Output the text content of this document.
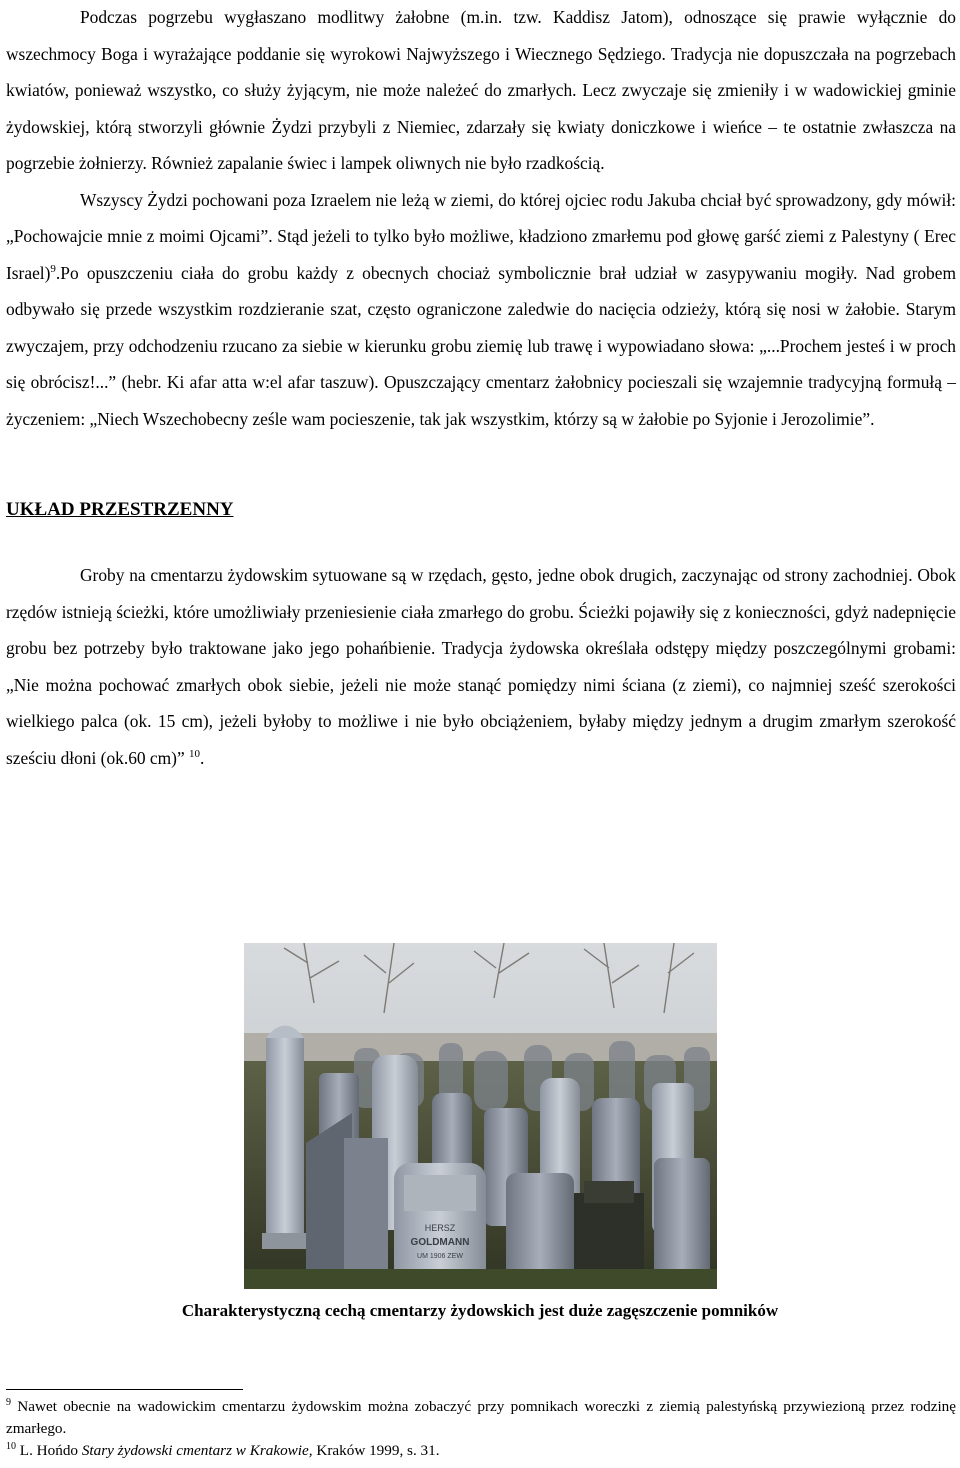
Podczas pogrzebu wygłaszano modlitwy żałobne (m.in. tzw. Kaddisz Jatom), odnoszące się prawie wyłącznie do wszechmocy Boga i wyrażające poddanie się wyrokowi Najwyższego i Wiecznego Sędziego. Tradycja nie dopuszczała na pogrzebach kwiatów, ponieważ wszystko, co służy żyjącym, nie może należeć do zmarłych. Lecz zwyczaje się zmieniły i w wadowickiej gminie żydowskiej, którą stworzyli głównie Żydzi przybyli z Niemiec, zdarzały się kwiaty doniczkowe i wieńce – te ostatnie zwłaszcza na pogrzebie żołnierzy. Również zapalanie świec i lampek oliwnych nie było rzadkością.

Wszyscy Żydzi pochowani poza Izraelem nie leżą w ziemi, do której ojciec rodu Jakuba chciał być sprowadzony, gdy mówił: „Pochowajcie mnie z moimi Ojcami”. Stąd jeżeli to tylko było możliwe, kładziono zmarłemu pod głowę garść ziemi z Palestyny ( Erec Israel)$^9$.Po opuszczeniu ciała do grobu każdy z obecnych chociaż symbolicznie brał udział w zasypywaniu mogiły. Nad grobem odbywało się przede wszystkim rozdzieranie szat, często ograniczone zaledwie do nacięcia odzieży, którą się nosi w żałobie. Starym zwyczajem, przy odchodzeniu rzucano za siebie w kierunku grobu ziemię lub trawę i wypowiadano słowa: „...Prochem jesteś i w proch się obrócisz!...” (hebr. Ki afar atta w:el afar taszuw). Opuszczający cmentarz żałobnicy pocieszali się wzajemnie tradycyjną formułą – życzeniem: „Niech Wszechobecny ześle wam pocieszenie, tak jak wszystkim, którzy są w żałobie po Syjonie i Jerozolimie”.

UKŁAD PRZESTRZENNY

Groby na cmentarzu żydowskim sytuowane są w rzędach, gęsto, jedne obok drugich, zaczynając od strony zachodniej. Obok rzędów istnieją ścieżki, które umożliwiały przeniesienie ciała zmarłego do grobu. Ścieżki pojawiły się z konieczności, gdyż nadepnięcie grobu bez potrzeby było traktowane jako jego pohańbienie. Tradycja żydowska określała odstępy między poszczególnymi grobami: „Nie można pochować zmarłych obok siebie, jeżeli nie może stanąć pomiędzy nimi ściana (z ziemi), co najmniej sześć szerokości wielkiego palca (ok. 15 cm), jeżeli byłoby to możliwe i nie było obciążeniem, byłaby między jednym a drugim zmarłym szerokość sześciu dłoni (ok.60 cm)” $^{10}$.

HERSZ
GOLDMANN
UM 1906 ZEW
Charakterystyczną cechą cmentarzy żydowskich jest duże zagęszczenie pomników
$^9$ Nawet obecnie na wadowickim cmentarzu żydowskim można zobaczyć przy pomnikach woreczki z ziemią palestyńską przywiezioną przez rodzinę zmarłego.
$^{10}$ L. Hońdo Stary żydowski cmentarz w Krakowie, Kraków 1999, s. 31.
